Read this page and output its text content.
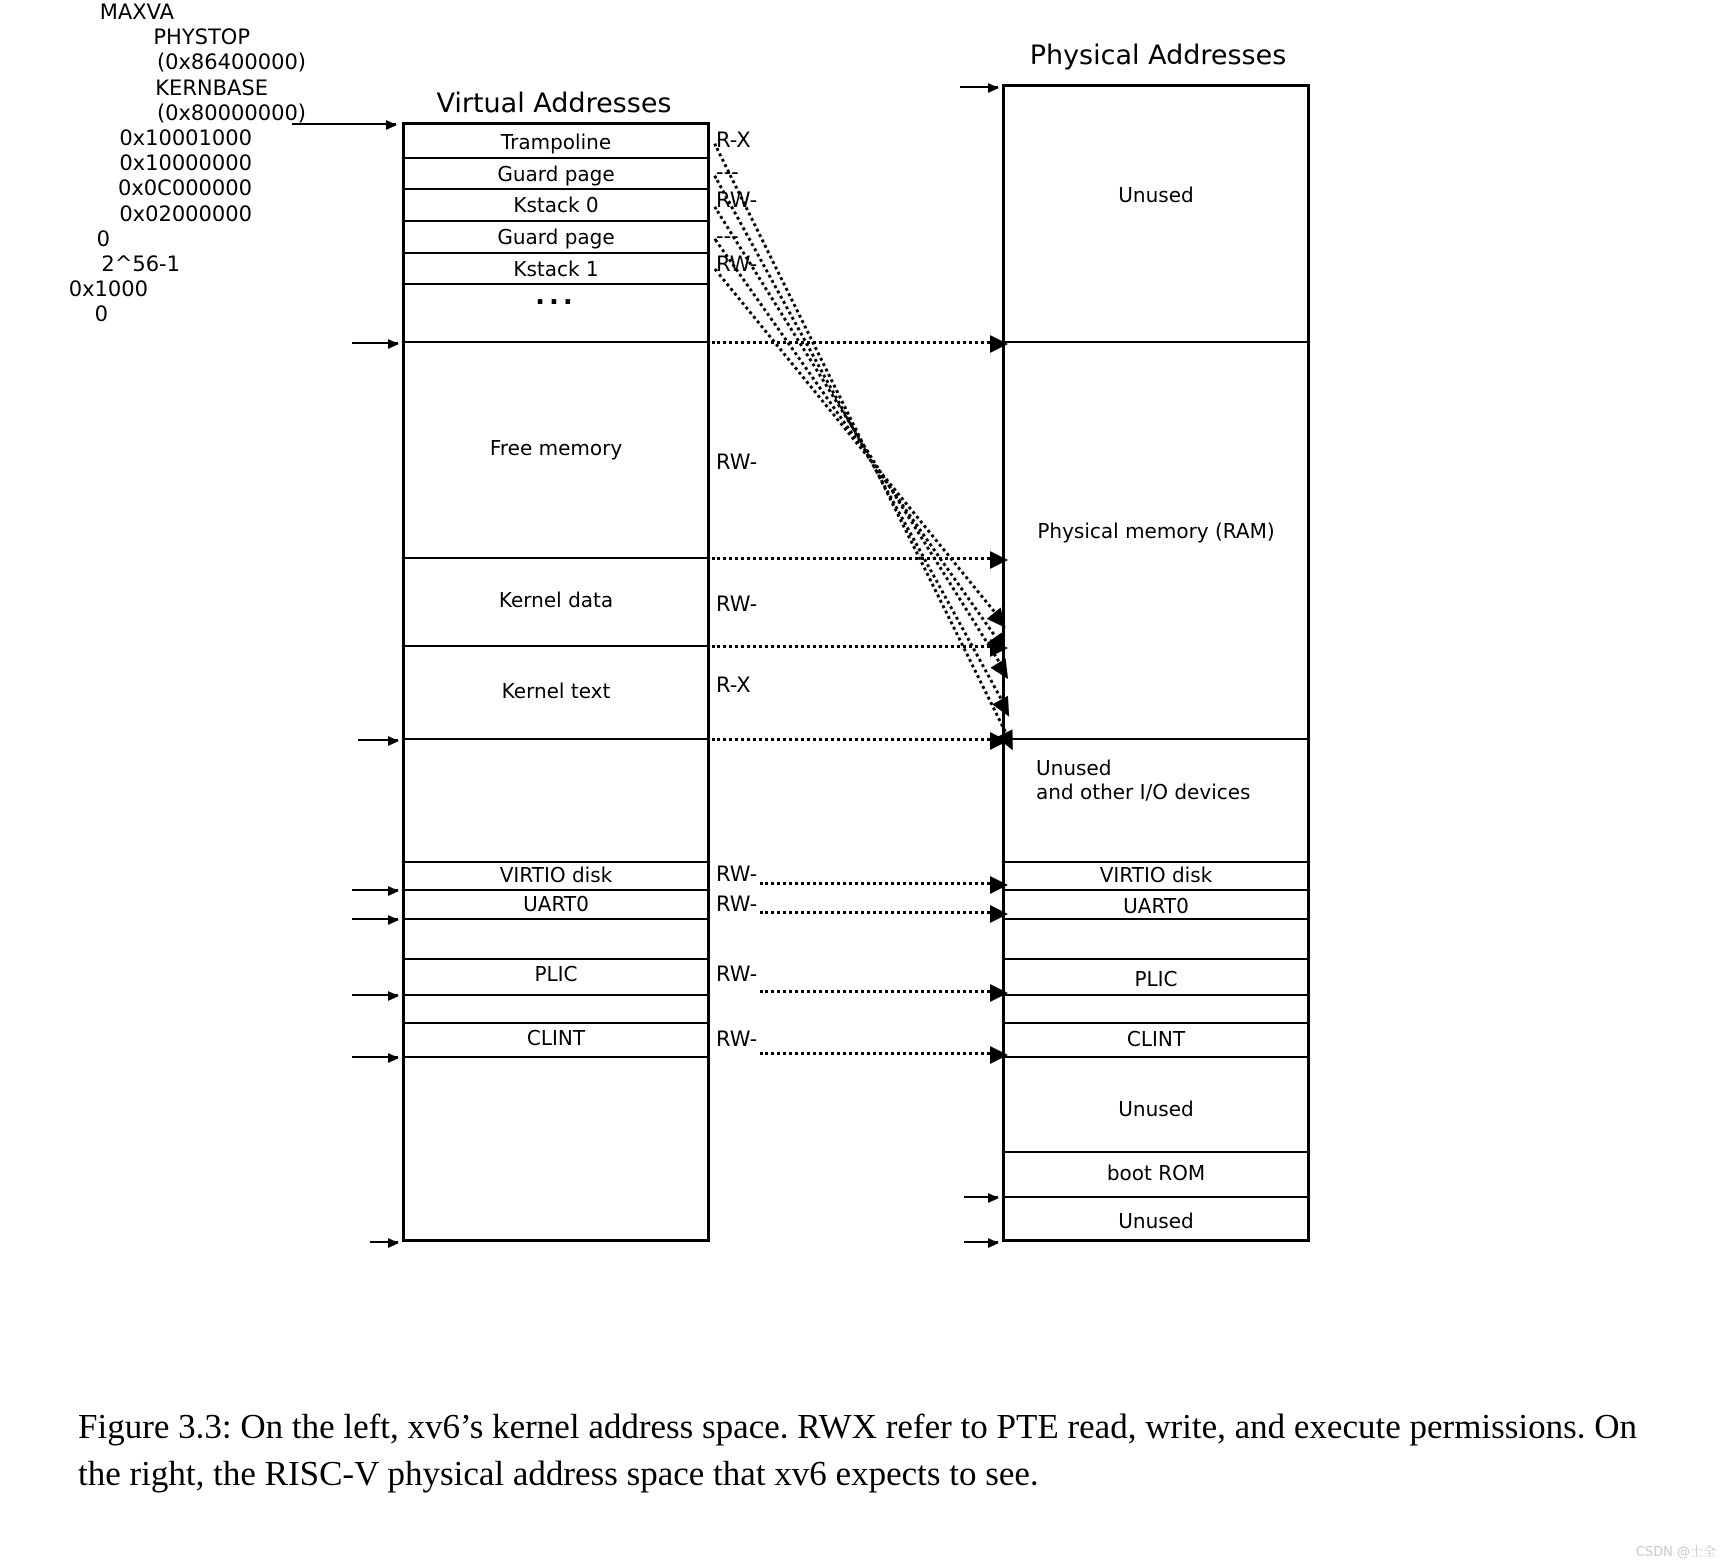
Virtual Addresses
Physical Addresses
Trampoline
Guard page
Kstack 0
Guard page
Kstack 1
...
Free memory
Kernel data
Kernel text
VIRTIO disk
UART0
PLIC
CLINT
MAXVA
PHYSTOP
(0x86400000)
KERNBASE
(0x80000000)
0x10001000
0x10000000
0x0C000000
0x02000000
0
R-X
---
RW-
---
RW-
RW-
RW-
R-X
RW-
RW-
RW-
RW-
Unused
Physical memory (RAM)
Unused
and other I/O devices
VIRTIO disk
UART0
PLIC
CLINT
Unused
boot ROM
Unused
2^56-1
0x1000
0
Figure 3.3: On the left, xv6’s kernel address space. RWX refer to PTE read, write, and execute permissions. On the right, the RISC-V physical address space that xv6 expects to see.
CSDN @士全
